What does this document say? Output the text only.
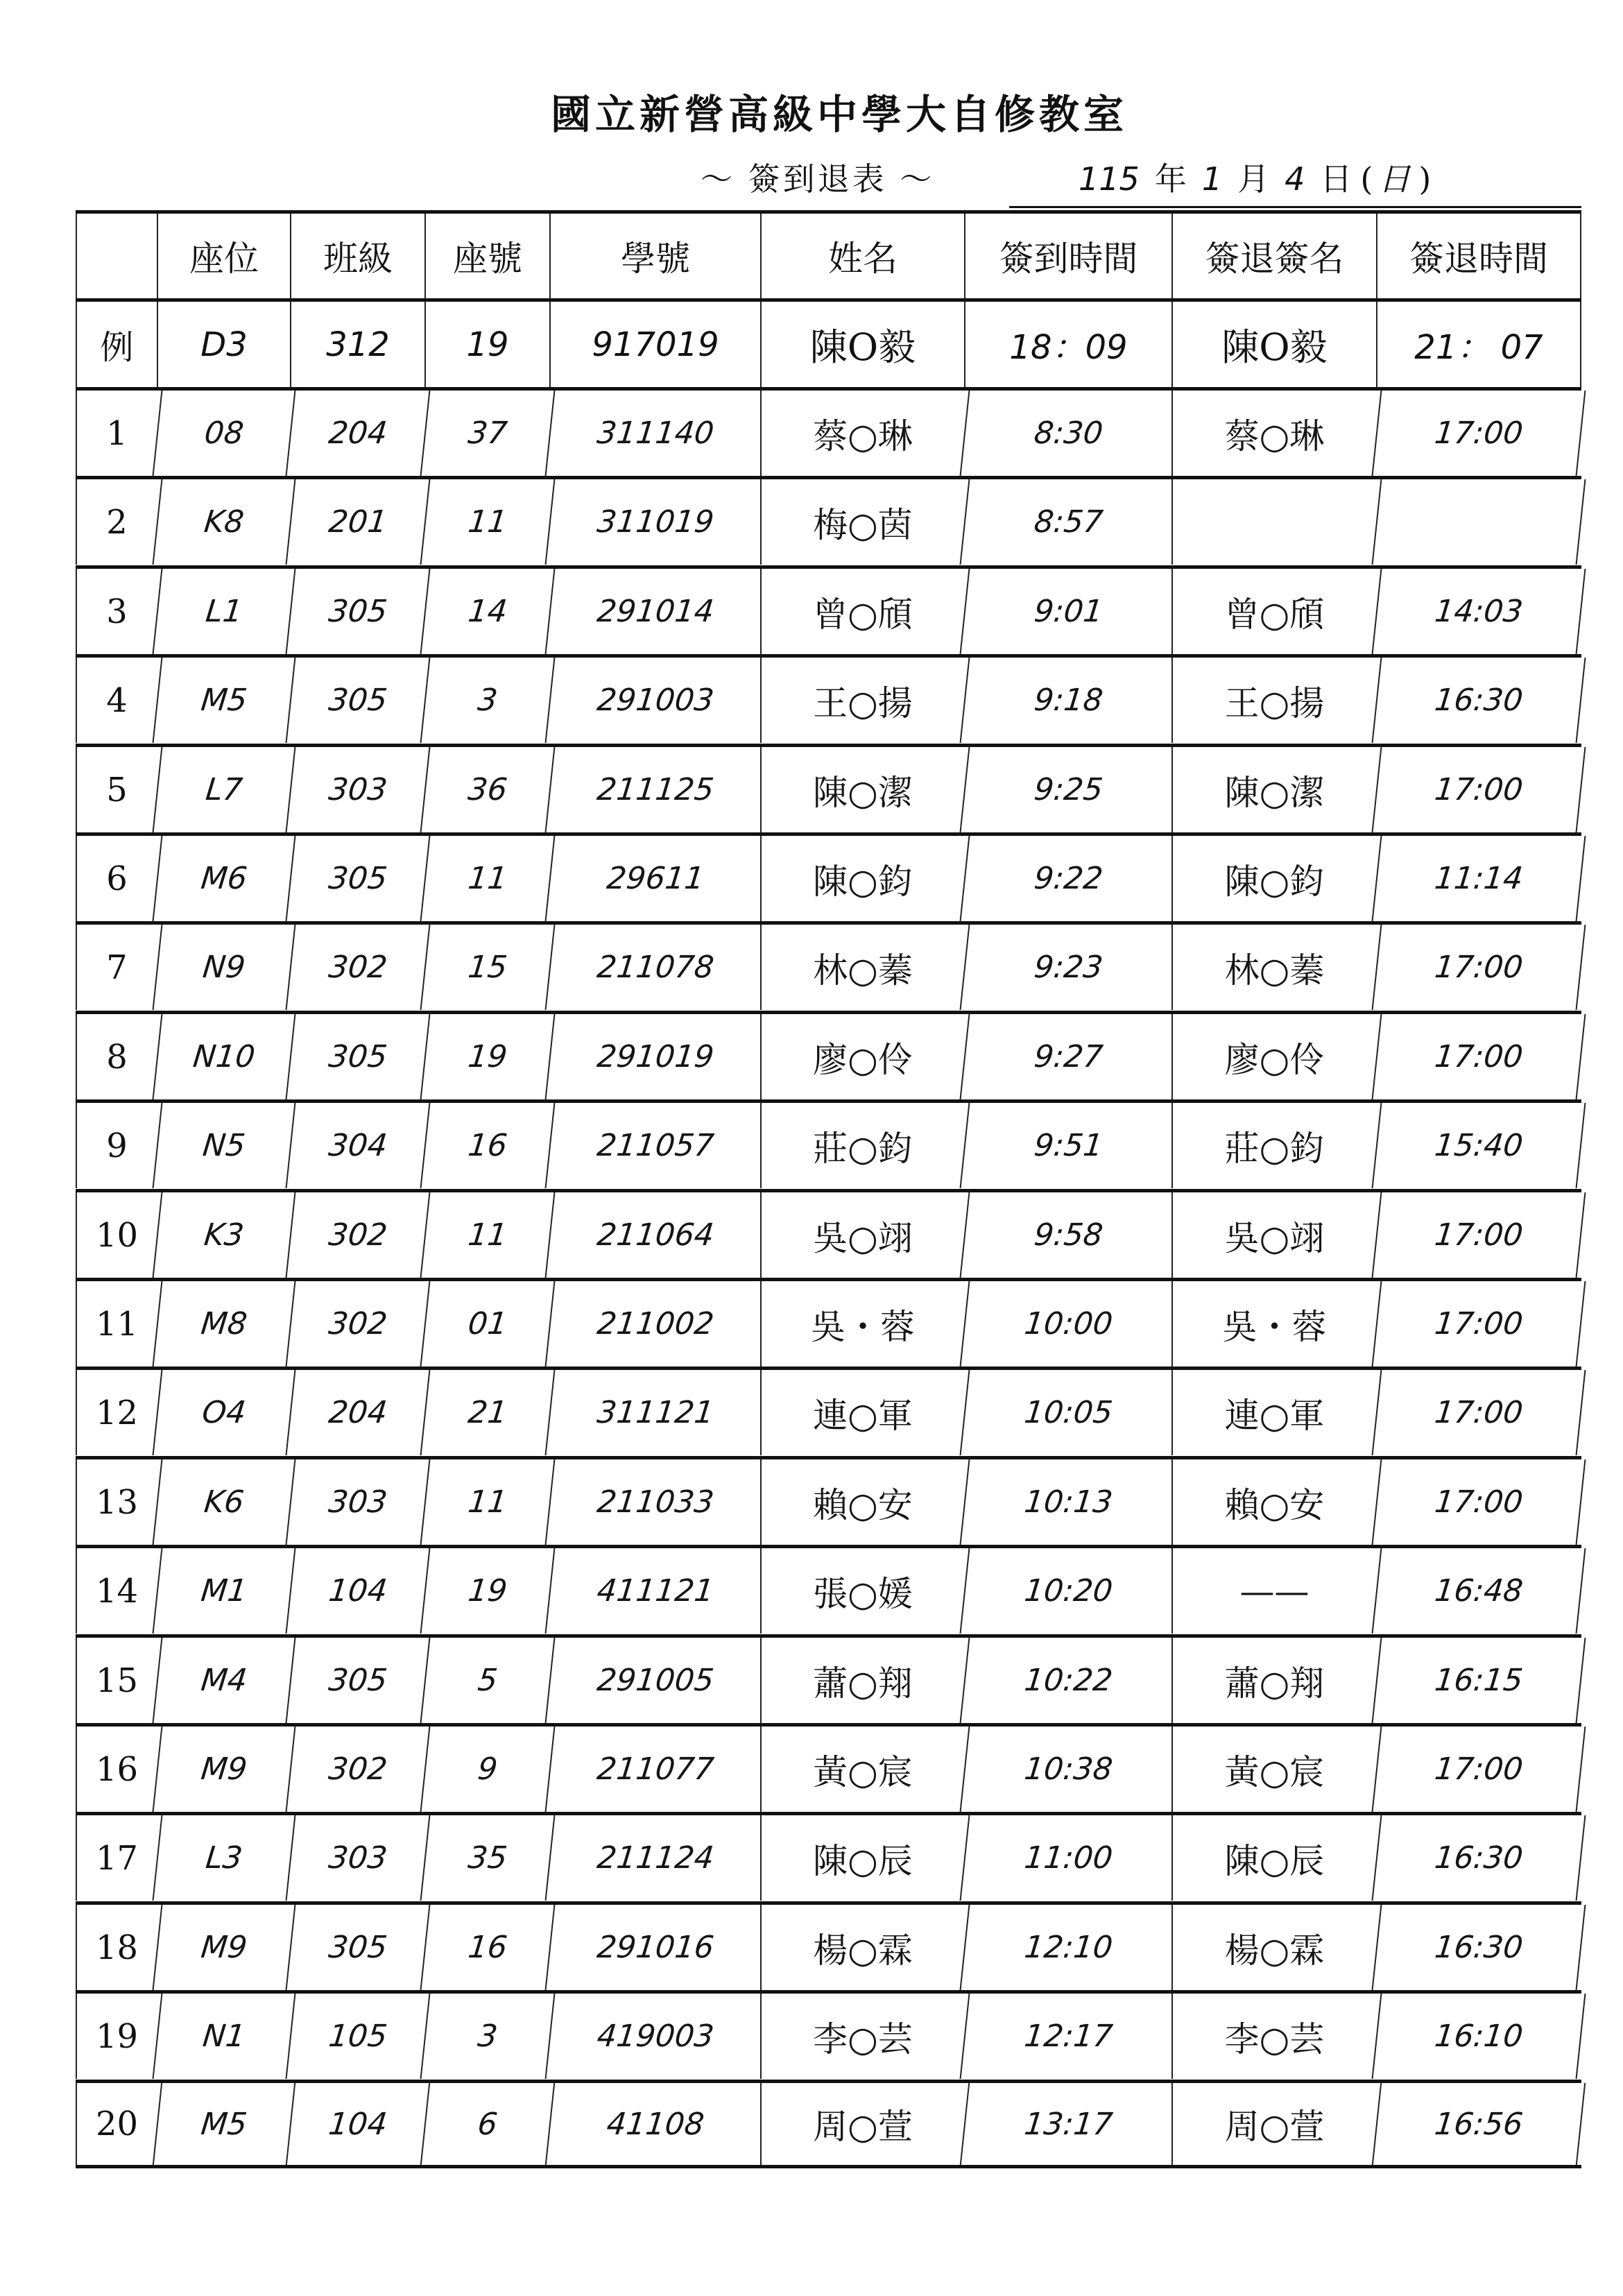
國立新營高級中學大自修教室
～ 簽到退表 ～	115 年 1 月 4 日 ( 日 )
座位	班級	座號	學號	姓名	簽到時間	簽退簽名	簽退時間
例	D3	312	19	917019	陳O毅	18：09	陳O毅	21： 07
1	08	204	37	311140	蔡○琳	8:30	蔡○琳	17:00
2	K8	201	11	311019	梅○茵	8:57
3	L1	305	14	291014	曾○頎	9:01	曾○頎	14:03
4	M5	305	3	291003	王○揚	9:18	王○揚	16:30
5	L7	303	36	211125	陳○潔	9:25	陳○潔	17:00
6	M6	305	11	29611	陳○鈞	9:22	陳○鈞	11:14
7	N9	302	15	211078	林○蓁	9:23	林○蓁	17:00
8	N10	305	19	291019	廖○伶	9:27	廖○伶	17:00
9	N5	304	16	211057	莊○鈞	9:51	莊○鈞	15:40
10	K3	302	11	211064	吳○翊	9:58	吳○翊	17:00
11	M8	302	01	211002	吳・蓉	10:00	吳・蓉	17:00
12	O4	204	21	311121	連○軍	10:05	連○軍	17:00
13	K6	303	11	211033	賴○安	10:13	賴○安	17:00
14	M1	104	19	411121	張○媛	10:20	——	16:48
15	M4	305	5	291005	蕭○翔	10:22	蕭○翔	16:15
16	M9	302	9	211077	黃○宸	10:38	黃○宸	17:00
17	L3	303	35	211124	陳○辰	11:00	陳○辰	16:30
18	M9	305	16	291016	楊○霖	12:10	楊○霖	16:30
19	N1	105	3	419003	李○芸	12:17	李○芸	16:10
20	M5	104	6	41108	周○萱	13:17	周○萱	16:56
